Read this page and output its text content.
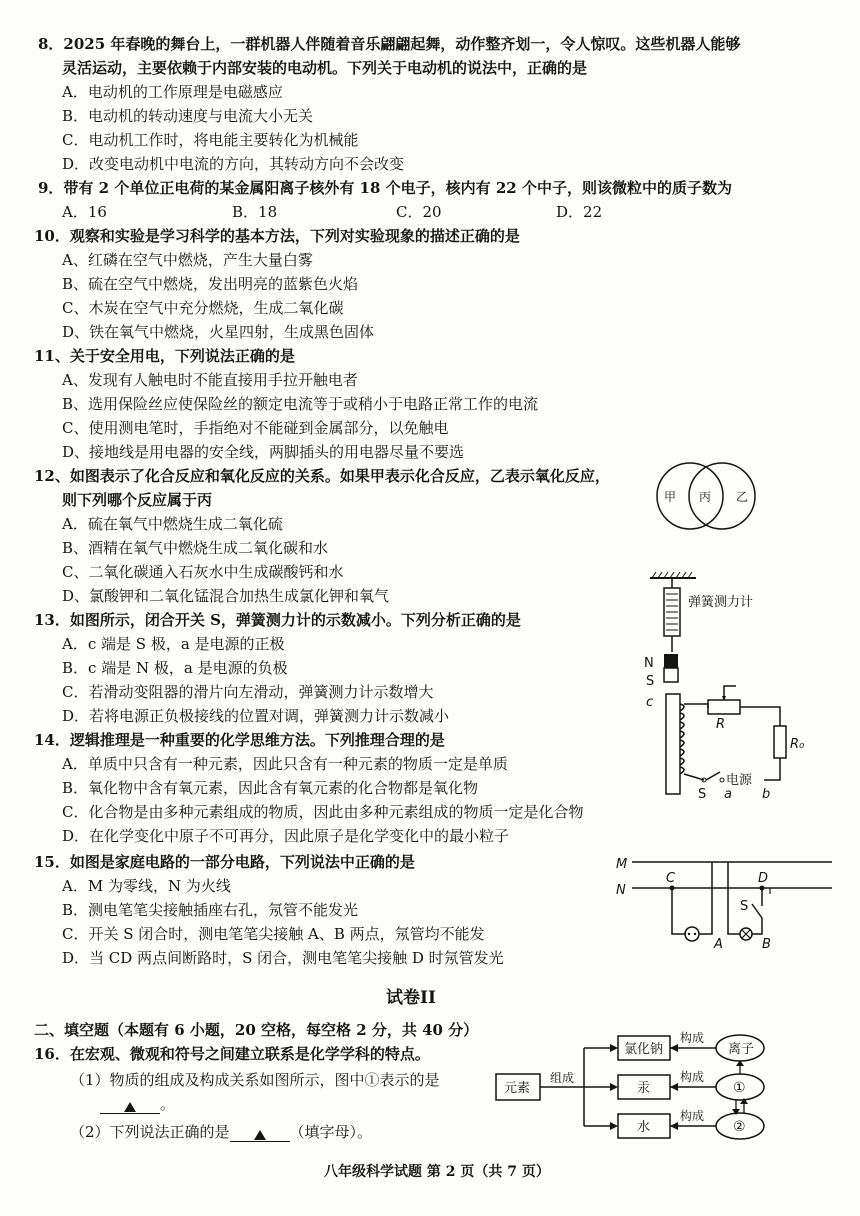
8．2025 年春晚的舞台上，一群机器人伴随着音乐翩翩起舞，动作整齐划一，令人惊叹。这些机器人能够
灵活运动，主要依赖于内部安装的电动机。下列关于电动机的说法中，正确的是
A．电动机的工作原理是电磁感应
B．电动机的转动速度与电流大小无关
C．电动机工作时，将电能主要转化为机械能
D．改变电动机中电流的方向，其转动方向不会改变
9．带有 2 个单位正电荷的某金属阳离子核外有 18 个电子，核内有 22 个中子，则该微粒中的质子数为
A．16	B．18	C．20	D．22
10．观察和实验是学习科学的基本方法，下列对实验现象的描述正确的是
A、红磷在空气中燃烧，产生大量白雾
B、硫在空气中燃烧，发出明亮的蓝紫色火焰
C、木炭在空气中充分燃烧，生成二氧化碳
D、铁在氧气中燃烧，火星四射，生成黑色固体
11、关于安全用电，下列说法正确的是
A、发现有人触电时不能直接用手拉开触电者
B、选用保险丝应使保险丝的额定电流等于或稍小于电路正常工作的电流
C、使用测电笔时，手指绝对不能碰到金属部分，以免触电
D、接地线是用电器的安全线，两脚插头的用电器尽量不要选
12、如图表示了化合反应和氧化反应的关系。如果甲表示化合反应，乙表示氧化反应，
则下列哪个反应属于丙
A．硫在氧气中燃烧生成二氧化硫
B、酒精在氧气中燃烧生成二氧化碳和水
C、二氧化碳通入石灰水中生成碳酸钙和水
D、氯酸钾和二氧化锰混合加热生成氯化钾和氧气
甲 丙 乙
13．如图所示，闭合开关 S，弹簧测力计的示数减小。下列分析正确的是
A．c 端是 S 极，a 是电源的正极
B．c 端是 N 极，a 是电源的负极
C．若滑动变阻器的滑片向左滑动，弹簧测力计示数增大
D．若将电源正负极接线的位置对调，弹簧测力计示数减小
弹簧测力计
N
S
c
R
R₀
电源
S a b
14．逻辑推理是一种重要的化学思维方法。下列推理合理的是
A．单质中只含有一种元素，因此只含有一种元素的物质一定是单质
B．氧化物中含有氧元素，因此含有氧元素的化合物都是氧化物
C．化合物是由多种元素组成的物质，因此由多种元素组成的物质一定是化合物
D．在化学变化中原子不可再分，因此原子是化学变化中的最小粒子
15．如图是家庭电路的一部分电路，下列说法中正确的是
A．M 为零线，N 为火线
B．测电笔笔尖接触插座右孔，氖管不能发光
C．开关 S 闭合时，测电笔笔尖接触 A、B 两点，氖管均不能发
D．当 CD 两点间断路时，S 闭合，测电笔笔尖接触 D 时氖管发光
M
N
C	D
A
S
B
试卷II
二、填空题（本题有 6 小题，20 空格，每空格 2 分，共 40 分）
16．在宏观、微观和符号之间建立联系是化学学科的特点。
（1）物质的组成及构成关系如图所示，图中①表示的是
。
（2）下列说法正确的是	（填字母）。
元素
组成
氯化钠
汞
水
构成
构成
构成
离子
①
②
八年级科学试题 第 2 页（共 7 页）
